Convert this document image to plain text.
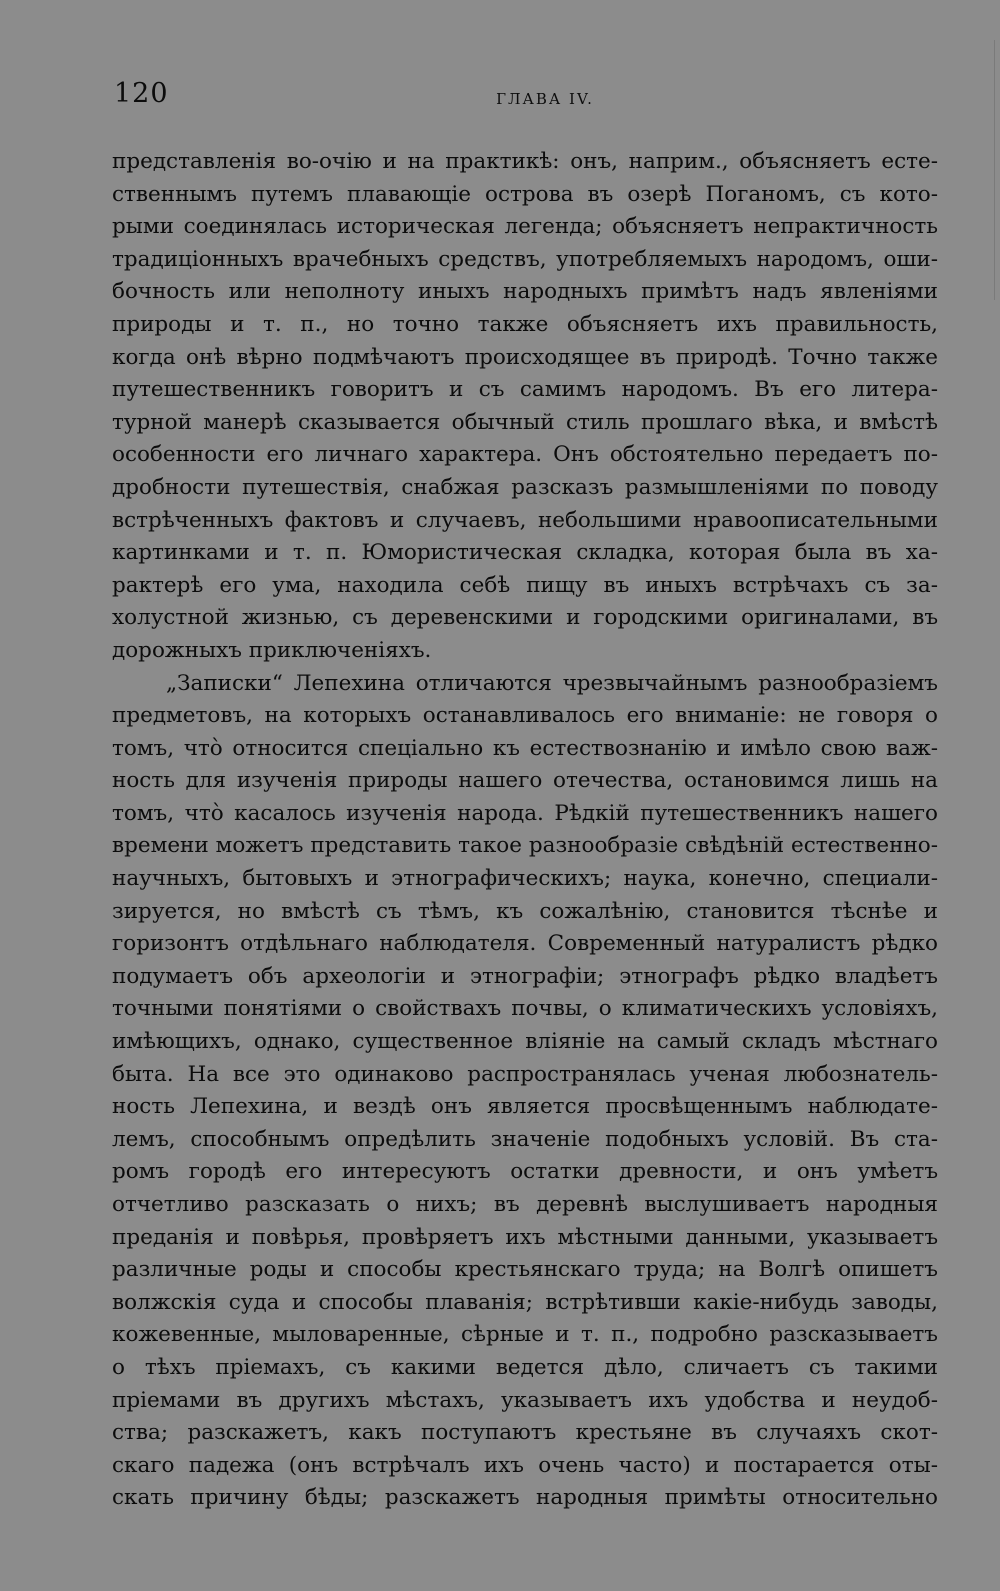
120	ГЛАВА IV.
представленія во-очію и на практикѣ: онъ, наприм., объясняетъ есте-
ственнымъ путемъ плавающіе острова въ озерѣ Поганомъ, съ кото-
рыми соединялась историческая легенда; объясняетъ непрактичность
традиціонныхъ врачебныхъ средствъ, употребляемыхъ народомъ, оши-
бочность или неполноту иныхъ народныхъ примѣтъ надъ явленіями
природы и т. п., но точно также объясняетъ ихъ правильность,
когда онѣ вѣрно подмѣчаютъ происходящее въ природѣ. Точно также
путешественникъ говоритъ и съ самимъ народомъ. Въ его литера-
турной манерѣ сказывается обычный стиль прошлаго вѣка, и вмѣстѣ
особенности его личнаго характера. Онъ обстоятельно передаетъ по-
дробности путешествія, снабжая разсказъ размышленіями по поводу
встрѣченныхъ фактовъ и случаевъ, небольшими нравоописательными
картинками и т. п. Юмористическая складка, которая была въ ха-
рактерѣ его ума, находила себѣ пищу въ иныхъ встрѣчахъ съ за-
холустной жизнью, съ деревенскими и городскими оригиналами, въ
дорожныхъ приключеніяхъ.
„Записки“ Лепехина отличаются чрезвычайнымъ разнообразіемъ
предметовъ, на которыхъ останавливалось его вниманіе: не говоря о
томъ, что̀ относится спеціально къ естествознанію и имѣло свою важ-
ность для изученія природы нашего отечества, остановимся лишь на
томъ, что̀ касалось изученія народа. Рѣдкій путешественникъ нашего
времени можетъ представить такое разнообразіе свѣдѣній естественно-
научныхъ, бытовыхъ и этнографическихъ; наука, конечно, специали-
зируется, но вмѣстѣ съ тѣмъ, къ сожалѣнію, становится тѣснѣе и
горизонтъ отдѣльнаго наблюдателя. Современный натуралистъ рѣдко
подумаетъ объ археологіи и этнографіи; этнографъ рѣдко владѣетъ
точными понятіями о свойствахъ почвы, о климатическихъ условіяхъ,
имѣющихъ, однако, существенное вліяніе на самый складъ мѣстнаго
быта. На все это одинаково распространялась ученая любознатель-
ность Лепехина, и вездѣ онъ является просвѣщеннымъ наблюдате-
лемъ, способнымъ опредѣлить значеніе подобныхъ условій. Въ ста-
ромъ городѣ его интересуютъ остатки древности, и онъ умѣетъ
отчетливо разсказать о нихъ; въ деревнѣ выслушиваетъ народныя
преданія и повѣрья, провѣряетъ ихъ мѣстными данными, указываетъ
различные роды и способы крестьянскаго труда; на Волгѣ опишетъ
волжскія суда и способы плаванія; встрѣтивши какіе-нибудь заводы,
кожевенные, мыловаренные, сѣрные и т. п., подробно разсказываетъ
о тѣхъ пріемахъ, съ какими ведется дѣло, сличаетъ съ такими
пріемами въ другихъ мѣстахъ, указываетъ ихъ удобства и неудоб-
ства; разскажетъ, какъ поступаютъ крестьяне въ случаяхъ скот-
скаго падежа (онъ встрѣчалъ ихъ очень часто) и постарается оты-
скать причину бѣды; разскажетъ народныя примѣты относительно
